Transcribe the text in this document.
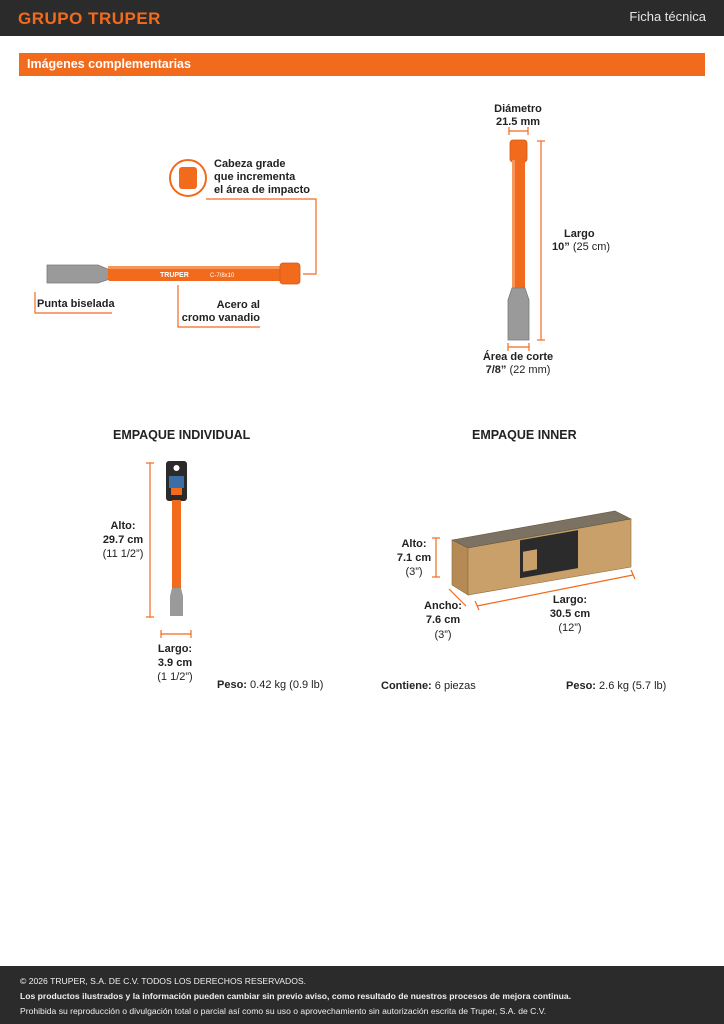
GRUPO TRUPER	Ficha técnica
Imágenes complementarias
TRUPER	C-7/8x10
Cabeza grade
que incrementa
el área de impacto
Punta biselada	Acero al
cromo vanadio
Diámetro
21.5 mm
Largo
10” (25 cm)
Área de corte
7/8” (22 mm)
EMPAQUE INDIVIDUAL
Alto:
29.7 cm
(11 1/2”)
Largo:
3.9 cm
(1 1/2”)
Peso: 0.42 kg (0.9 lb)
EMPAQUE INNER
Alto:
7.1 cm
(3”)
Ancho:
7.6 cm
(3”)
Largo:
30.5 cm
(12”)
Contiene: 6 piezas	Peso: 2.6 kg (5.7 lb)
© 2026 TRUPER, S.A. DE C.V. TODOS LOS DERECHOS RESERVADOS.
Los productos ilustrados y la información pueden cambiar sin previo aviso, como resultado de nuestros procesos de mejora continua.
Prohibida su reproducción o divulgación total o parcial así como su uso o aprovechamiento sin autorización escrita de Truper, S.A. de C.V.
